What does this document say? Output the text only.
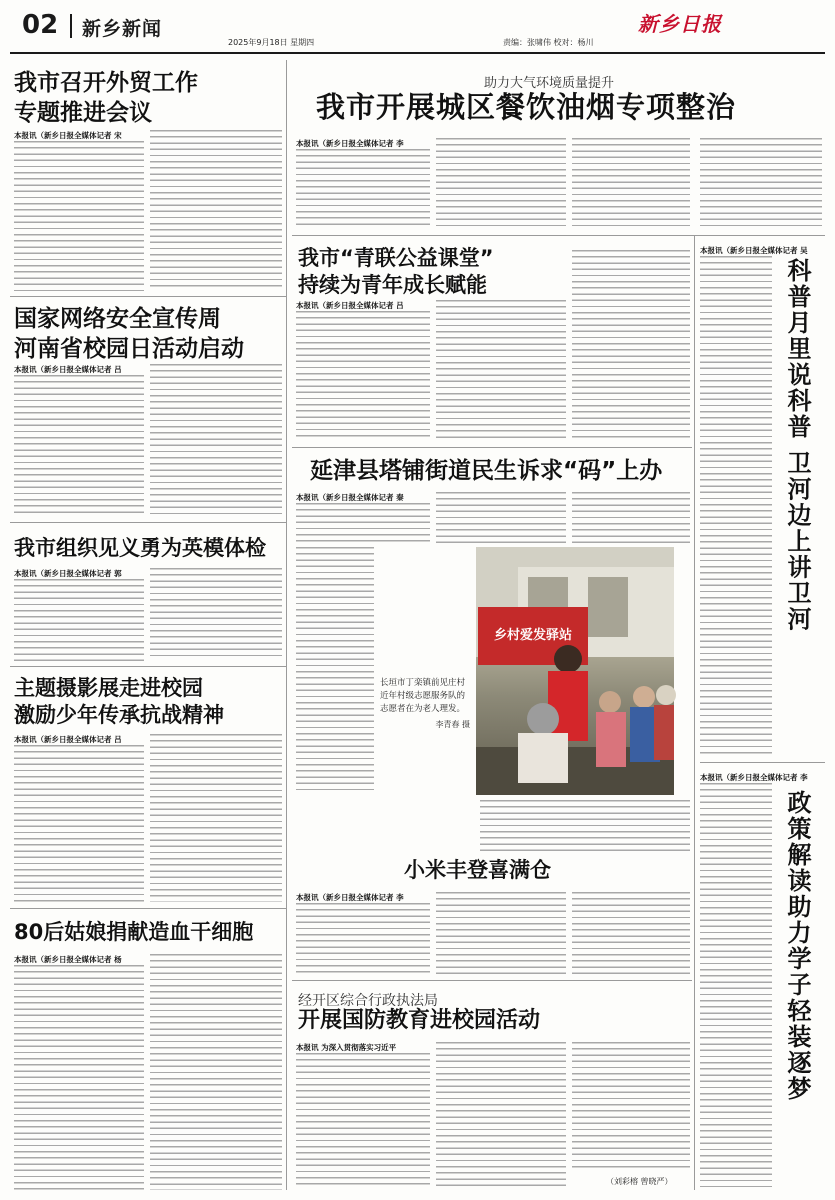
02 新乡新闻	新乡日报
2025年9月18日 星期四	责编：张啸伟 校对：杨川
我市召开外贸工作
专题推进会议
本报讯（新乡日报全媒体记者 宋
助力大气环境质量提升
我市开展城区餐饮油烟专项整治
本报讯（新乡日报全媒体记者 李
国家网络安全宣传周
河南省校园日活动启动
本报讯（新乡日报全媒体记者 吕
我市“青联公益课堂”
持续为青年成长赋能
本报讯（新乡日报全媒体记者 吕
本报讯（新乡日报全媒体记者 吴
科普月里说科普 卫河边上讲卫河
延津县塔铺街道民生诉求“码”上办
本报讯（新乡日报全媒体记者 秦
乡村爱发驿站
长垣市丁栾镇前见庄村近年村级志愿服务队的志愿者在为老人理发。
李青春 摄
我市组织见义勇为英模体检
本报讯（新乡日报全媒体记者 郭
主题摄影展走进校园
激励少年传承抗战精神
本报讯（新乡日报全媒体记者 吕
小米丰登喜满仓
本报讯（新乡日报全媒体记者 李
本报讯（新乡日报全媒体记者 李
政策解读助力学子轻装逐梦
80后姑娘捐献造血干细胞
本报讯（新乡日报全媒体记者 杨
经开区综合行政执法局
开展国防教育进校园活动
本报讯 为深入贯彻落实习近平
（刘彩榕 曾晓严）
